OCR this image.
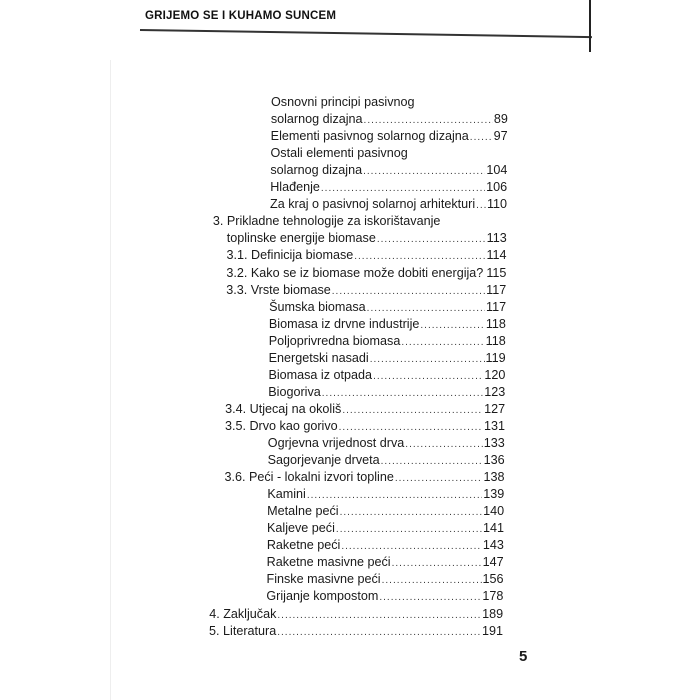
GRIJEMO SE I KUHAMO SUNCEM
Osnovni principi pasivnog
solarnog dizajna .....	89
Elementi pasivnog solarnog dizajna ..... 97
Ostali elementi pasivnog
solarnog dizajna .....	104
Hlađenje .....	106
Za kraj o pasivnoj solarnoj arhitekturi ..... 110
3. Prikladne tehnologije za iskorištavanje
toplinske energije biomase .....	113
3.1. Definicija biomase .....	114
3.2. Kako se iz biomase može dobiti energija? ..... 115
3.3. Vrste biomase .....	117
Šumska biomasa .....	117
Biomasa iz drvne industrije .....	118
Poljoprivredna biomasa .....	118
Energetski nasadi .....	119
Biomasa iz otpada .....	120
Biogoriva .....	123
3.4. Utjecaj na okoliš .....	127
3.5. Drvo kao gorivo .....	131
Ogrjevna vrijednost drva .....	133
Sagorjevanje drveta .....	136
3.6. Peći - lokalni izvori topline .....	138
Kamini .....	139
Metalne peći .....	140
Kaljeve peći .....	141
Raketne peći .....	143
Raketne masivne peći .....	147
Finske masivne peći .....	156
Grijanje kompostom .....	178
4. Zaključak .....	189
5. Literatura .....	191
5
